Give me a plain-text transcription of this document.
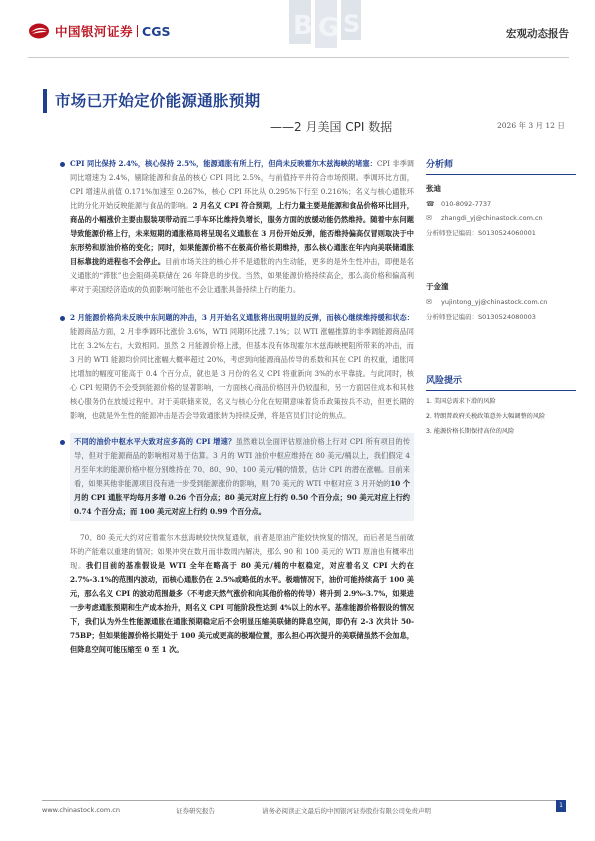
中国银河证券 CGS	B G S	宏观动态报告
市场已开始定价能源通胀预期
——2 月美国 CPI 数据	2026 年 3 月 12 日

CPI 同比保持 2.4%，核心保持 2.5%，能源通胀有所上行，但尚未反映霍尔木兹海峡的堵塞：CPI 非季调同比增速为 2.4%，剔除能源和食品的核心 CPI 同比 2.5%，与前值持平并符合市场预期。季调环比方面，CPI 增速从前值 0.171%加速至 0.267%，核心 CPI 环比从 0.295%下行至 0.216%；名义与核心通胀环比的分化开始反映能源与食品的影响。2 月名义 CPI 符合预期，上行力量主要是能源和食品价格环比回升，商品的小幅涨价主要由服装项带动而二手车环比维持负增长，服务方面的放缓动能仍然维持。随着中东问题导致能源价格上行，未来短期的通胀格局将呈现名义通胀在 3 月份开始反弹，能否维持偏高仅冒则取决于中东形势和原油价格的变化；同时，如果能源价格不在极高价格长期维持，那么核心通胀在年内向美联储通胀目标靠拢的进程也不会停止。目前市场关注的核心并不是通胀的内生动能，更多的是外生性冲击，即便是名义通胀的“滞胀”也会阻碍美联储在 26 年降息的步伐。当然，如果能源价格持续高企，那么高价格和偏高利率对于美国经济造成的负面影响可能也不会让通胀具备持续上行的能力。

2 月能源价格尚未反映中东问题的冲击，3 月开始名义通胀将出现明显的反弹，而核心继续维持缓和状态：能源商品方面，2 月非季调环比涨价 3.6%，WTI 同期环比涨 7.1%；以 WTI 涨幅推算的非季调能源商品同比在 3.2%左右，大致相同。虽然 2 月能源价格上涨，但基本没有体现霍尔木兹海峡梗阻所带来的冲击，而 3 月的 WTI 能源均价同比涨幅大概率超过 20%，考虑到向能源商品传导的系数和其在 CPI 的权重，通胀同比增加的幅度可能高于 0.4 个百分点，就也是 3 月份的名义 CPI 将重新向 3%的水平靠拢。与此同时，核心 CPI 短期仍不会受到能源价格的显著影响，一方面核心商品价格回升仍较温和，另一方面居住成本和其他核心服务仍在放缓过程中。对于美联储来说，名义与核心分化在短期意味着货币政策按兵不动，但更长期的影响，也就是外生性的能源冲击是否会导致通胀转为持续反弹，将是官员们讨论的焦点。

不同的油价中枢水平大致对应多高的 CPI 增速？虽然难以全面评估原油价格上行对 CPI 所有项目的传导，但对于能源商品的影响相对易于估算。3 月的 WTI 油价中枢应维持在 80 美元/桶以上，我们假定 4 月至年末的能源价格中枢分别维持在 70、80、90、100 美元/桶的情景，估计 CPI 的潜在涨幅。目前来看，如果其他非能源项目没有进一步受到能源涨价的影响，则 70 美元的 WTI 中枢对应 3 月开始的10 个月的 CPI 通胀平均每月多增 0.26 个百分点；80 美元对应上行约 0.50 个百分点；90 美元对应上行约 0.74 个百分点；而 100 美元对应上行约 0.99 个百分点。

70、80 美元大约对应着霍尔木兹海峡较快恢复通航，前者是原油产能较快恢复的情况，而后者是当前破坏的产能难以重建的情况；如果冲突在数月而非数周内解决，那么 90 和 100 美元的 WTI 原油也有概率出现。我们目前的基准假设是 WTI 全年在略高于 80 美元/桶的中枢稳定，对应着名义 CPI 大约在 2.7%-3.1%的范围内波动，而核心通胀仍在 2.5%或略低的水平。极端情况下，油价可能持续高于 100 美元，那么名义 CPI 的波动范围最多（不考虑天然气涨价和向其他价格的传导）将升到 2.9%-3.7%，如果进一步考虑通胀预期和生产成本抬升，则名义 CPI 可能阶段性达到 4%以上的水平。基准能源价格假设的情况下，我们认为外生性能源通胀在通胀预期稳定后不会明显压缩美联储的降息空间，即仍有 2-3 次共计 50-75BP；但如果能源价格长期处于 100 美元或更高的极端位置，那么担心再次提升的美联储虽然不会加息，但降息空间可能压缩至 0 至 1 次。

分析师
张迪
☎ 010-8092-7737
✉	zhangdi_yj@chinastock.com.cn
分析师登记编码：S0130524060001
于金潼
✉	yujintong_yj@chinastock.com.cn
分析师登记编码：S0130524080003
风险提示
1. 美国总需求下滑的风险
2. 特朗普政府关税政策意外大幅调整的风险
3. 能源价格长期保持高位的风险
www.chinastock.com.cn	证券研究报告	请务必阅读正文最后的中国银河证券股份有限公司免责声明
1
